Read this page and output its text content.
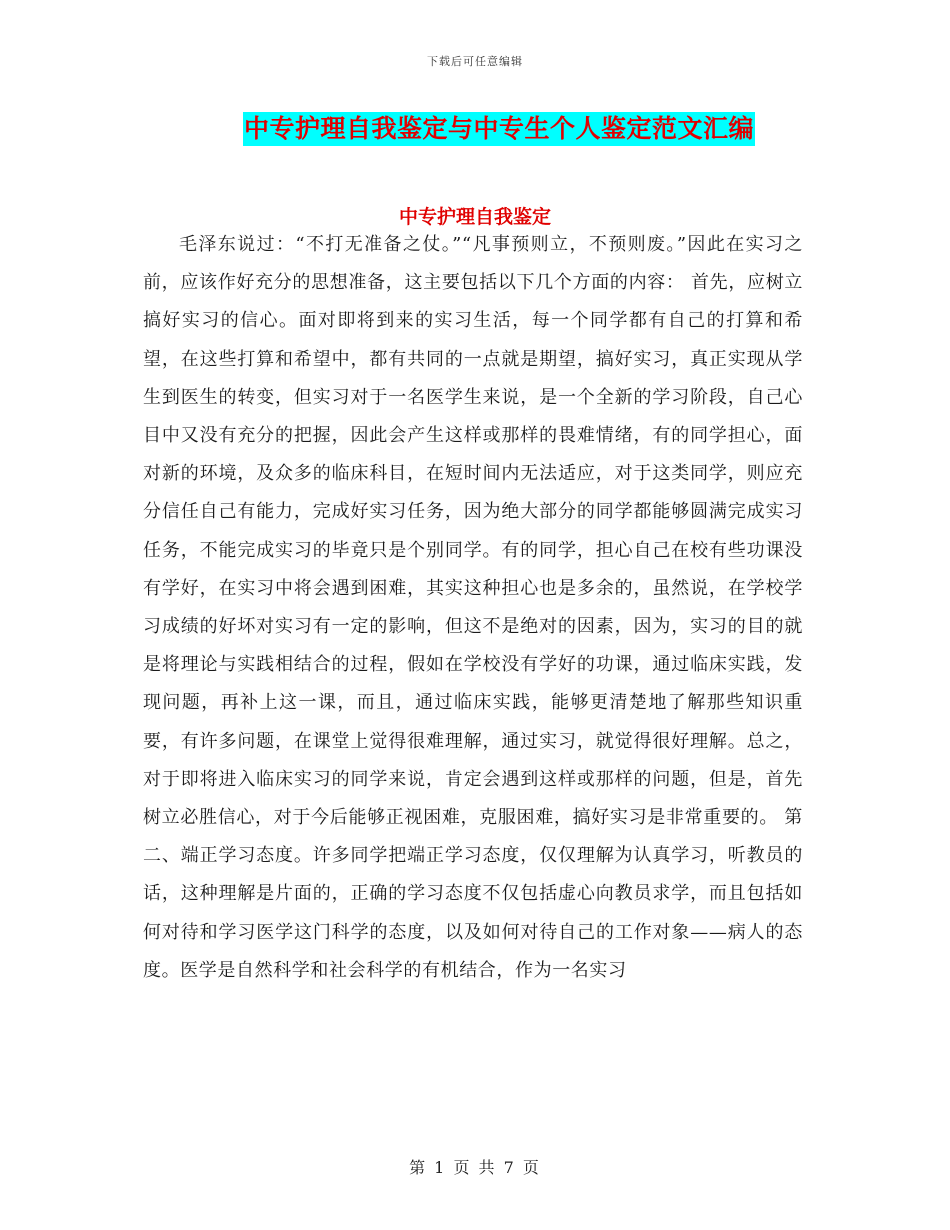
下载后可任意编辑
中专护理自我鉴定与中专生个人鉴定范文汇编
中专护理自我鉴定

毛泽东说过：“不打无准备之仗。”“凡事预则立，不预则废。”因此在实习之前，应该作好充分的思想准备，这主要包括以下几个方面的内容： 首先，应树立搞好实习的信心。面对即将到来的实习生活，每一个同学都有自己的打算和希望，在这些打算和希望中，都有共同的一点就是期望，搞好实习，真正实现从学生到医生的转变，但实习对于一名医学生来说，是一个全新的学习阶段，自己心目中又没有充分的把握，因此会产生这样或那样的畏难情绪，有的同学担心，面对新的环境，及众多的临床科目，在短时间内无法适应，对于这类同学，则应充分信任自己有能力，完成好实习任务，因为绝大部分的同学都能够圆满完成实习任务，不能完成实习的毕竟只是个别同学。有的同学，担心自己在校有些功课没有学好，在实习中将会遇到困难，其实这种担心也是多余的，虽然说，在学校学习成绩的好坏对实习有一定的影响，但这不是绝对的因素，因为，实习的目的就是将理论与实践相结合的过程，假如在学校没有学好的功课，通过临床实践，发现问题，再补上这一课，而且，通过临床实践，能够更清楚地了解那些知识重要，有许多问题，在课堂上觉得很难理解，通过实习，就觉得很好理解。总之，对于即将进入临床实习的同学来说，肯定会遇到这样或那样的问题，但是，首先树立必胜信心，对于今后能够正视困难，克服困难，搞好实习是非常重要的。 第二、端正学习态度。许多同学把端正学习态度，仅仅理解为认真学习，听教员的话，这种理解是片面的，正确的学习态度不仅包括虚心向教员求学，而且包括如何对待和学习医学这门科学的态度，以及如何对待自己的工作对象——病人的态度。医学是自然科学和社会科学的有机结合，作为一名实习

第 1 页 共 7 页
